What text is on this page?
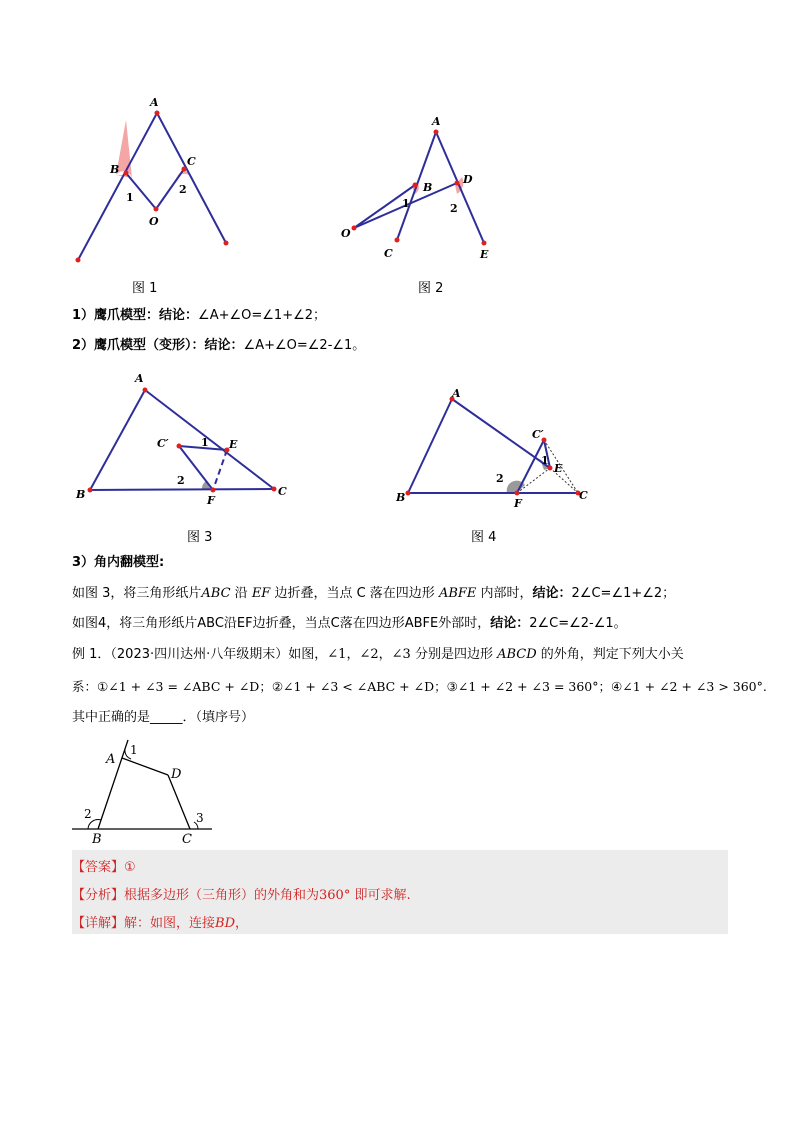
A
B
C
O
1
2
图 1
A
B
D
O
C	E
1	2
图 2
A
C′	E
B	F
C
1
2
图 3
A
C′
E
B	F
C
1
2
图 4
1）鹰爪模型：结论：∠A+∠O=∠1+∠2；
2）鹰爪模型（变形）：结论：∠A+∠O=∠2-∠1。
3）角内翻模型:
如图 3，将三角形纸片ABC 沿 EF 边折叠，当点 C 落在四边形 ABFE 内部时，结论：2∠C=∠1+∠2；
如图4，将三角形纸片ABC沿EF边折叠，当点C落在四边形ABFE外部时，结论：2∠C=∠2-∠1。
例 1．（2023·四川达州·八年级期末）如图，∠1，∠2，∠3 分别是四边形 ABCD 的外角，判定下列大小关
系：①∠1 + ∠3 = ∠ABC + ∠D；②∠1 + ∠3 < ∠ABC + ∠D；③∠1 + ∠2 + ∠3 = 360°；④∠1 + ∠2 + ∠3 > 360°.
其中正确的是_____．（填序号）
A
D
B	C
1
2	3
【答案】①
【分析】根据多边形（三角形）的外角和为360° 即可求解.
【详解】解：如图，连接BD，
